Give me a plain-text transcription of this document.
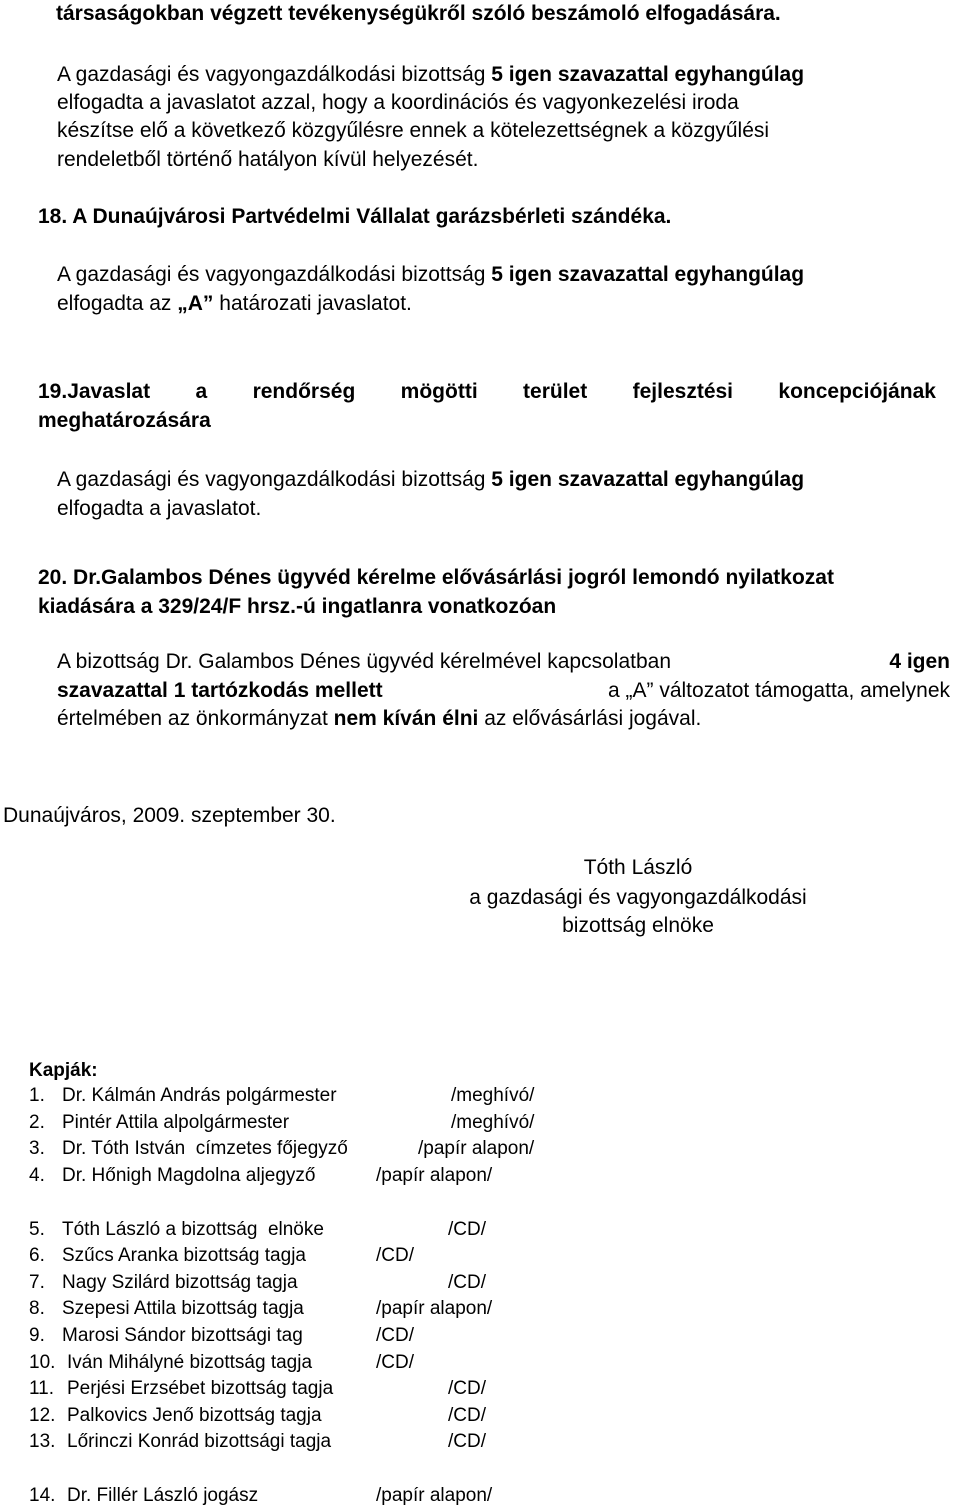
társaságokban végzett tevékenységükről szóló beszámoló elfogadására.
A gazdasági és vagyongazdálkodási bizottság 5 igen szavazattal egyhangúlag
elfogadta a javaslatot azzal, hogy a koordinációs és vagyonkezelési iroda
készítse elő a következő közgyűlésre ennek a kötelezettségnek a közgyűlési
rendeletből történő hatályon kívül helyezését.
18. A Dunaújvárosi Partvédelmi Vállalat garázsbérleti szándéka.
A gazdasági és vagyongazdálkodási bizottság 5 igen szavazattal egyhangúlag
elfogadta az „A” határozati javaslatot.
19.Javaslat a rendőrség mögötti terület fejlesztési koncepciójának
meghatározására
A gazdasági és vagyongazdálkodási bizottság 5 igen szavazattal egyhangúlag
elfogadta a javaslatot.
20. Dr.Galambos Dénes ügyvéd kérelme elővásárlási jogról lemondó nyilatkozat
kiadására a 329/24/F hrsz.-ú ingatlanra vonatkozóan
A bizottság Dr. Galambos Dénes ügyvéd kérelmével kapcsolatban	4 igen
szavazattal 1 tartózkodás mellett	a „A” változatot támogatta, amelynek
értelmében az önkormányzat nem kíván élni az elővásárlási jogával.
Dunaújváros, 2009. szeptember 30.
Tóth László
a gazdasági és vagyongazdálkodási
bizottság elnöke
Kapják:
1. Dr. Kálmán András polgármester	/meghívó/
2. Pintér Attila alpolgármester	/meghívó/
3. Dr. Tóth István  címzetes főjegyző	/papír alapon/
4. Dr. Hőnigh Magdolna aljegyző	/papír alapon/
5. Tóth László a bizottság  elnöke	/CD/
6. Szűcs Aranka bizottság tagja	/CD/
7. Nagy Szilárd bizottság tagja	/CD/
8. Szepesi Attila bizottság tagja	/papír alapon/
9. Marosi Sándor bizottsági tag	/CD/
10. Iván Mihályné bizottság tagja	/CD/
11. Perjési Erzsébet bizottság tagja	/CD/
12. Palkovics Jenő bizottság tagja	/CD/
13. Lőrinczi Konrád bizottsági tagja	/CD/
14. Dr. Fillér László jogász	/papír alapon/
